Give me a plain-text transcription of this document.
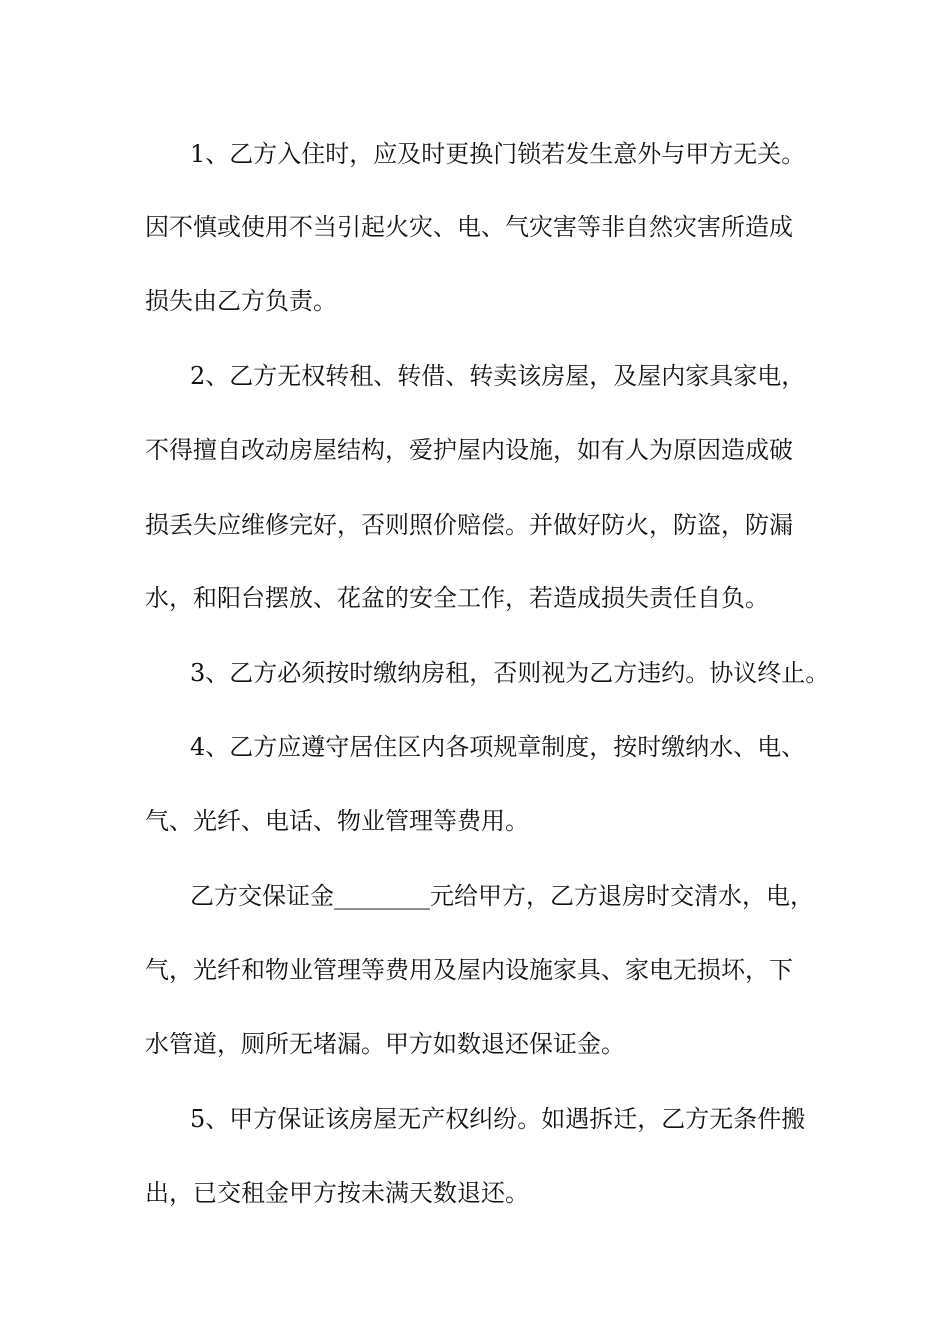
1、乙方入住时，应及时更换门锁若发生意外与甲方无关。
因不慎或使用不当引起火灾、电、气灾害等非自然灾害所造成
损失由乙方负责。
2、乙方无权转租、转借、转卖该房屋，及屋内家具家电，
不得擅自改动房屋结构，爱护屋内设施，如有人为原因造成破
损丢失应维修完好，否则照价赔偿。并做好防火，防盗，防漏
水，和阳台摆放、花盆的安全工作，若造成损失责任自负。
3、乙方必须按时缴纳房租，否则视为乙方违约。协议终止。
4、乙方应遵守居住区内各项规章制度，按时缴纳水、电、
气、光纤、电话、物业管理等费用。
乙方交保证金________元给甲方，乙方退房时交清水，电，
气，光纤和物业管理等费用及屋内设施家具、家电无损坏，下
水管道，厕所无堵漏。甲方如数退还保证金。
5、甲方保证该房屋无产权纠纷。如遇拆迁，乙方无条件搬
出，已交租金甲方按未满天数退还。
